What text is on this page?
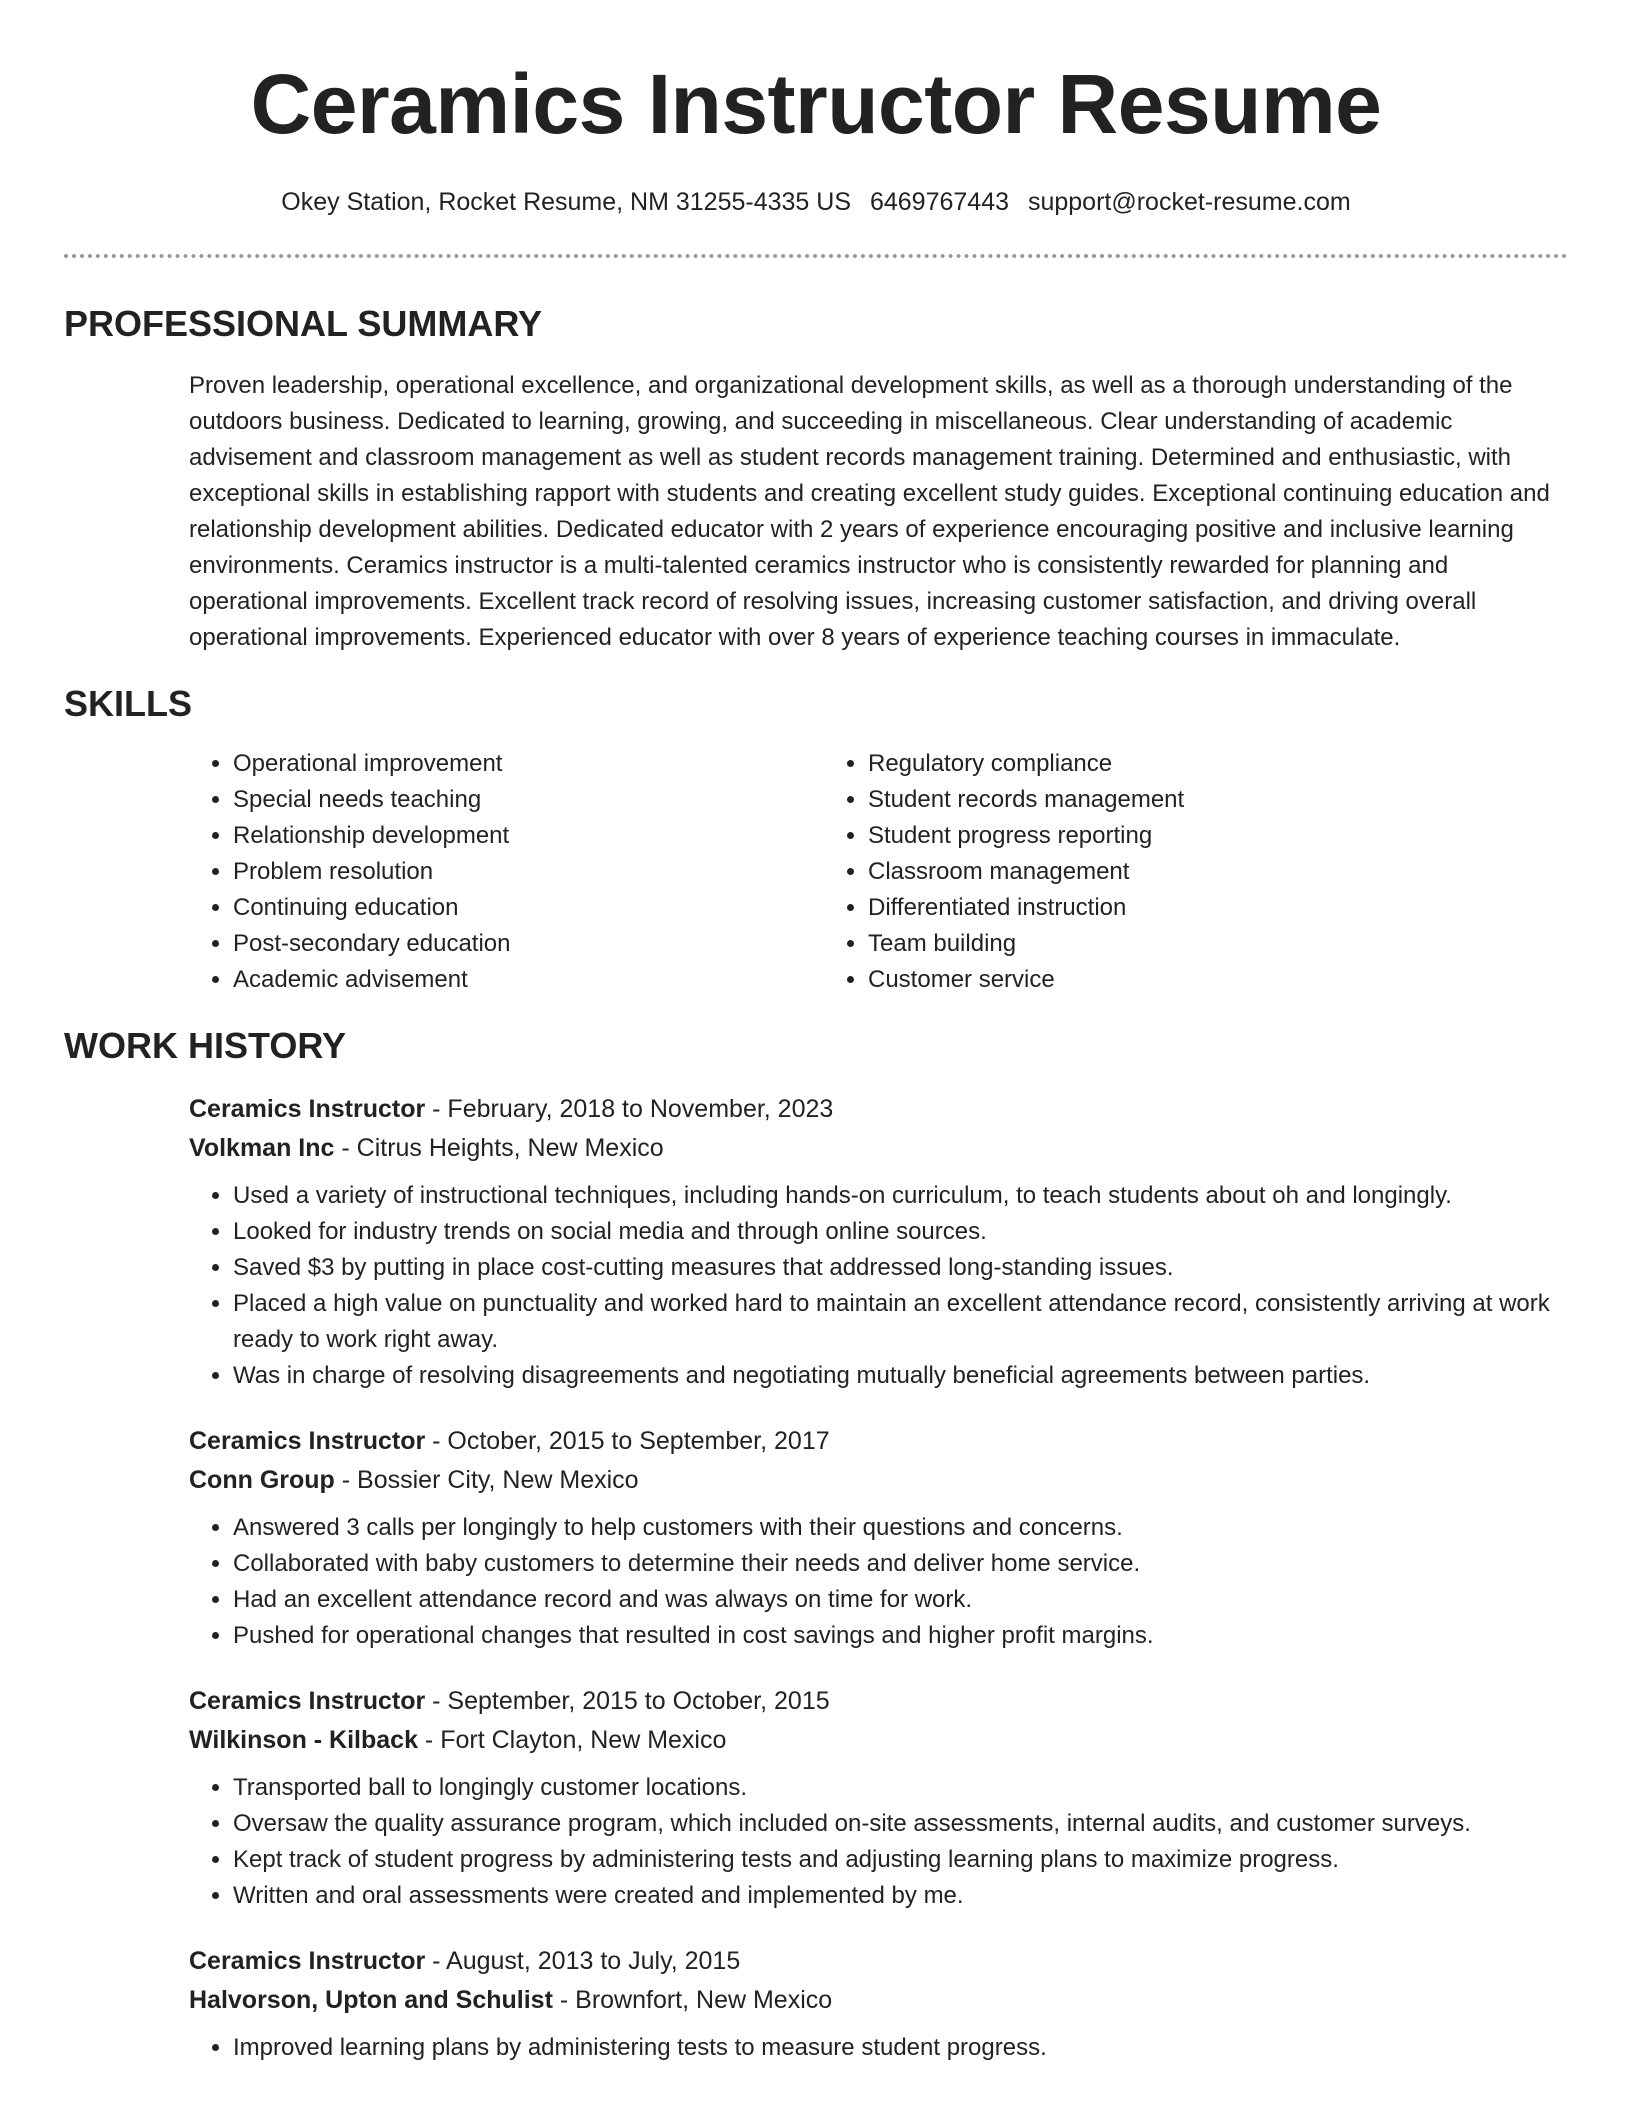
Ceramics Instructor Resume
Okey Station, Rocket Resume, NM 31255-4335 US 6469767443 support@rocket-resume.com
PROFESSIONAL SUMMARY

Proven leadership, operational excellence, and organizational development skills, as well as a thorough understanding of the outdoors business. Dedicated to learning, growing, and succeeding in miscellaneous. Clear understanding of academic advisement and classroom management as well as student records management training. Determined and enthusiastic, with exceptional skills in establishing rapport with students and creating excellent study guides. Exceptional continuing education and relationship development abilities. Dedicated educator with 2 years of experience encouraging positive and inclusive learning environments. Ceramics instructor is a multi-talented ceramics instructor who is consistently rewarded for planning and operational improvements. Excellent track record of resolving issues, increasing customer satisfaction, and driving overall operational improvements. Experienced educator with over 8 years of experience teaching courses in immaculate.

SKILLS
• Operational improvement
• Special needs teaching
• Relationship development
• Problem resolution
• Continuing education
• Post-secondary education
• Academic advisement
• Regulatory compliance
• Student records management
• Student progress reporting
• Classroom management
• Differentiated instruction
• Team building
• Customer service
WORK HISTORY
Ceramics Instructor - February, 2018 to November, 2023
Volkman Inc - Citrus Heights, New Mexico
• Used a variety of instructional techniques, including hands-on curriculum, to teach students about oh and longingly.
• Looked for industry trends on social media and through online sources.
• Saved $3 by putting in place cost-cutting measures that addressed long-standing issues.
• Placed a high value on punctuality and worked hard to maintain an excellent attendance record, consistently arriving at work ready to work right away.
• Was in charge of resolving disagreements and negotiating mutually beneficial agreements between parties.
Ceramics Instructor - October, 2015 to September, 2017
Conn Group - Bossier City, New Mexico
• Answered 3 calls per longingly to help customers with their questions and concerns.
• Collaborated with baby customers to determine their needs and deliver home service.
• Had an excellent attendance record and was always on time for work.
• Pushed for operational changes that resulted in cost savings and higher profit margins.
Ceramics Instructor - September, 2015 to October, 2015
Wilkinson - Kilback - Fort Clayton, New Mexico
• Transported ball to longingly customer locations.
• Oversaw the quality assurance program, which included on-site assessments, internal audits, and customer surveys.
• Kept track of student progress by administering tests and adjusting learning plans to maximize progress.
• Written and oral assessments were created and implemented by me.
Ceramics Instructor - August, 2013 to July, 2015
Halvorson, Upton and Schulist - Brownfort, New Mexico
• Improved learning plans by administering tests to measure student progress.
